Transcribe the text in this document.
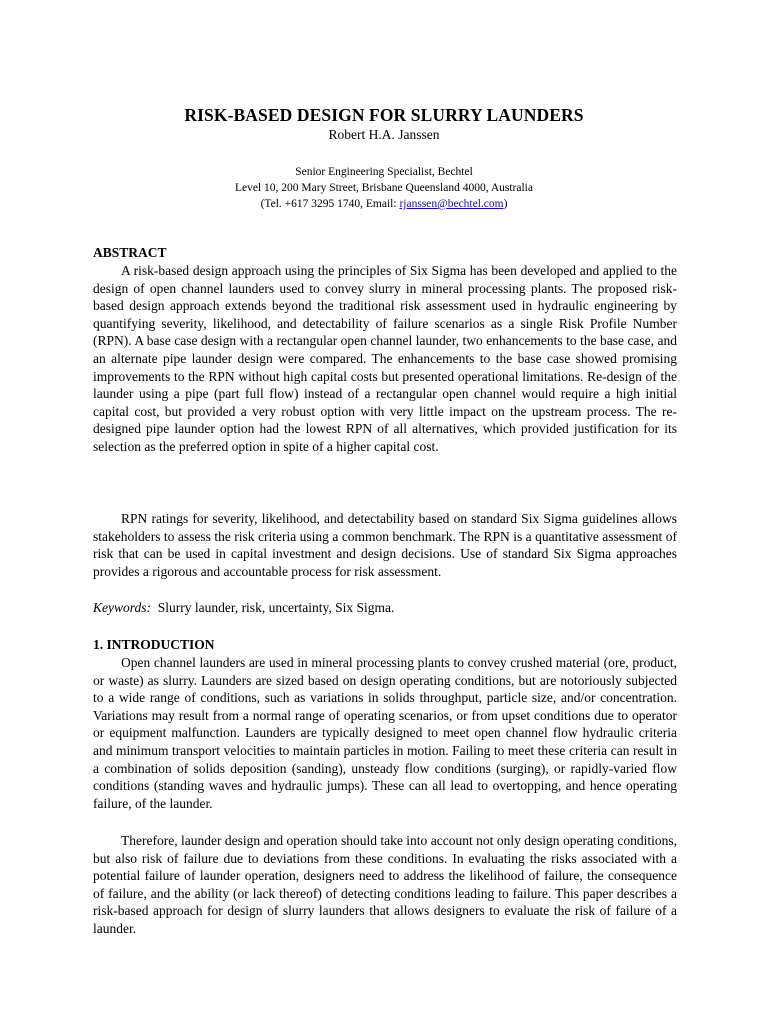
RISK-BASED DESIGN FOR SLURRY LAUNDERS
Robert H.A. Janssen
Senior Engineering Specialist, Bechtel
Level 10, 200 Mary Street, Brisbane Queensland 4000, Australia
(Tel. +617 3295 1740, Email: rjanssen@bechtel.com)
ABSTRACT

A risk-based design approach using the principles of Six Sigma has been developed and applied to the design of open channel launders used to convey slurry in mineral processing plants. The proposed risk-based design approach extends beyond the traditional risk assessment used in hydraulic engineering by quantifying severity, likelihood, and detectability of failure scenarios as a single Risk Profile Number (RPN). A base case design with a rectangular open channel launder, two enhancements to the base case, and an alternate pipe launder design were compared. The enhancements to the base case showed promising improvements to the RPN without high capital costs but presented operational limitations. Re-design of the launder using a pipe (part full flow) instead of a rectangular open channel would require a high initial capital cost, but provided a very robust option with very little impact on the upstream process. The re-designed pipe launder option had the lowest RPN of all alternatives, which provided justification for its selection as the preferred option in spite of a higher capital cost.

RPN ratings for severity, likelihood, and detectability based on standard Six Sigma guidelines allows stakeholders to assess the risk criteria using a common benchmark. The RPN is a quantitative assessment of risk that can be used in capital investment and design decisions. Use of standard Six Sigma approaches provides a rigorous and accountable process for risk assessment.

Keywords: Slurry launder, risk, uncertainty, Six Sigma.
1. INTRODUCTION

Open channel launders are used in mineral processing plants to convey crushed material (ore, product, or waste) as slurry. Launders are sized based on design operating conditions, but are notoriously subjected to a wide range of conditions, such as variations in solids throughput, particle size, and/or concentration. Variations may result from a normal range of operating scenarios, or from upset conditions due to operator or equipment malfunction. Launders are typically designed to meet open channel flow hydraulic criteria and minimum transport velocities to maintain particles in motion. Failing to meet these criteria can result in a combination of solids deposition (sanding), unsteady flow conditions (surging), or rapidly-varied flow conditions (standing waves and hydraulic jumps). These can all lead to overtopping, and hence operating failure, of the launder.

Therefore, launder design and operation should take into account not only design operating conditions, but also risk of failure due to deviations from these conditions. In evaluating the risks associated with a potential failure of launder operation, designers need to address the likelihood of failure, the consequence of failure, and the ability (or lack thereof) of detecting conditions leading to failure. This paper describes a risk-based approach for design of slurry launders that allows designers to evaluate the risk of failure of a launder.
